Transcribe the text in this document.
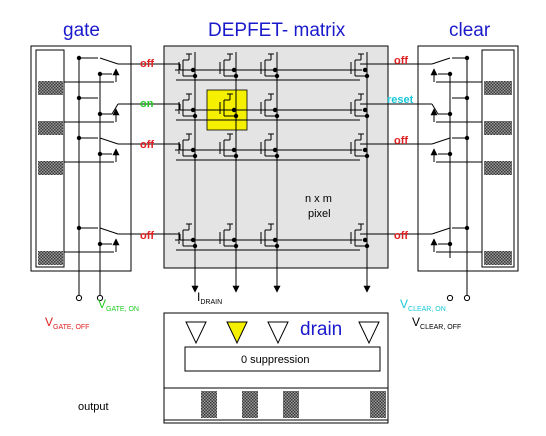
gate	DEPFET- matrix	clear
off
on
off
off
off
reset
off
off
n x m
pixel
$V_{GATE, ON}$
$V_{GATE, OFF}$
$V_{CLEAR, ON}$
$V_{CLEAR, OFF}$
$I_{DRAIN}$
0 suppression
drain
output
